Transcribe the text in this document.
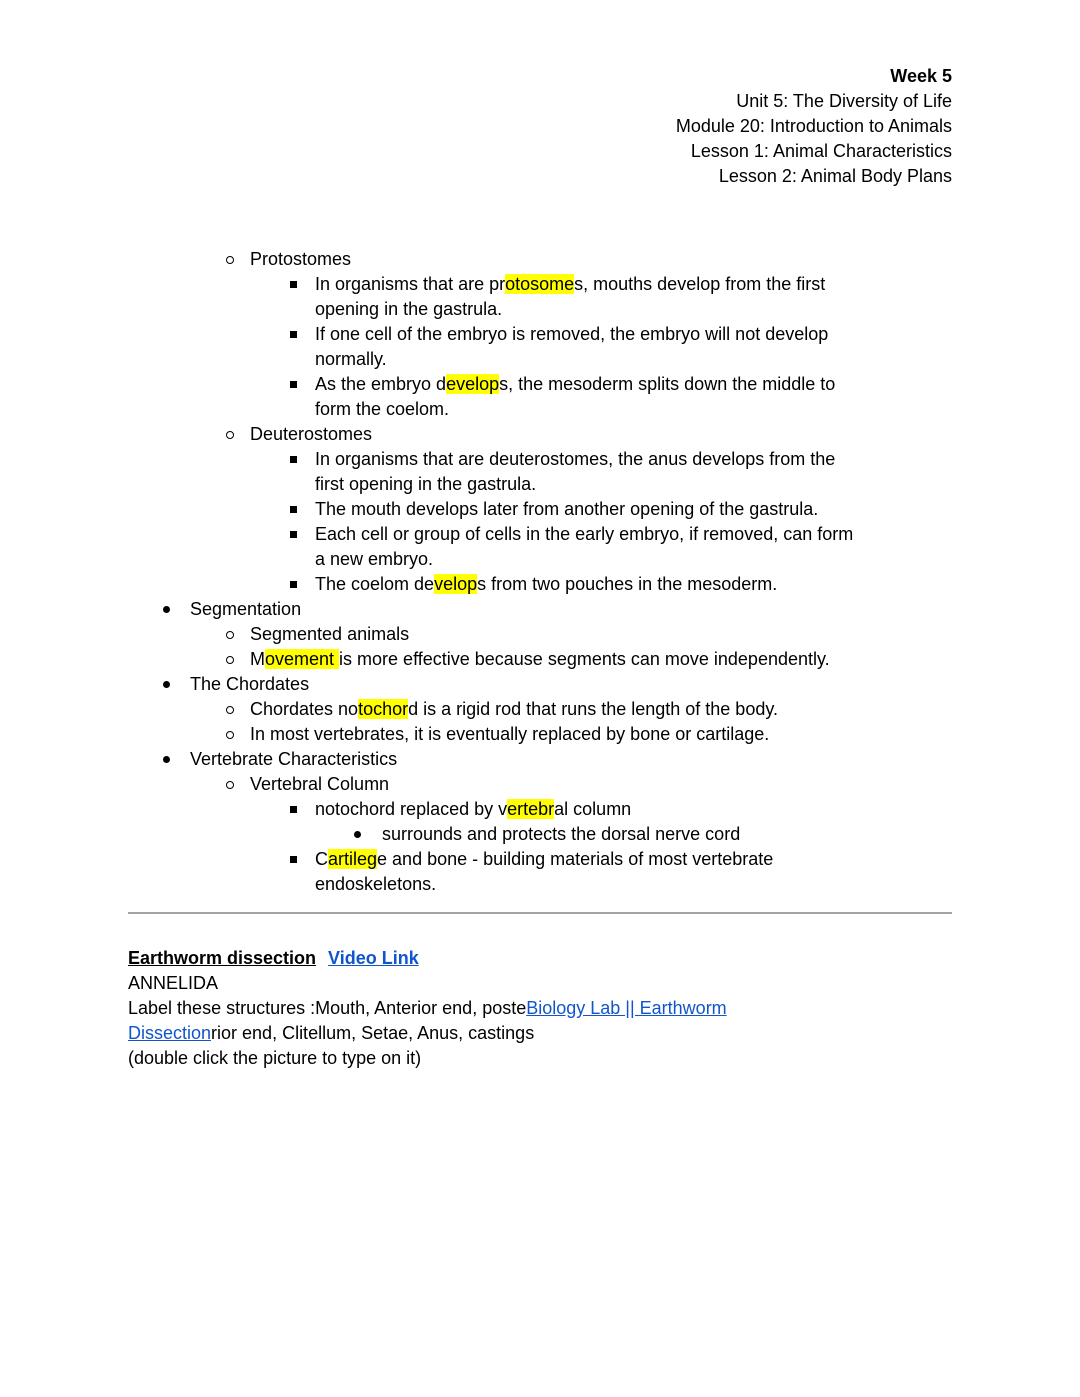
Week 5
Unit 5: The Diversity of Life
Module 20: Introduction to Animals
Lesson 1: Animal Characteristics
Lesson 2: Animal Body Plans
Protostomes
In organisms that are protosomes, mouths develop from the first
opening in the gastrula.
If one cell of the embryo is removed, the embryo will not develop
normally.
As the embryo develops, the mesoderm splits down the middle to
form the coelom.
Deuterostomes
In organisms that are deuterostomes, the anus develops from the
first opening in the gastrula.
The mouth develops later from another opening of the gastrula.
Each cell or group of cells in the early embryo, if removed, can form
a new embryo.
The coelom develops from two pouches in the mesoderm.
Segmentation
Segmented animals
Movement is more effective because segments can move independently.
The Chordates
Chordates notochord is a rigid rod that runs the length of the body.
In most vertebrates, it is eventually replaced by bone or cartilage.
Vertebrate Characteristics
Vertebral Column
notochord replaced by vertebral column
surrounds and protects the dorsal nerve cord
Cartilege and bone - building materials of most vertebrate
endoskeletons.
Earthworm dissection Video Link
ANNELIDA
Label these structures :Mouth, Anterior end, posteBiology Lab || Earthworm
Dissectionrior end, Clitellum, Setae, Anus, castings
(double click the picture to type on it)
